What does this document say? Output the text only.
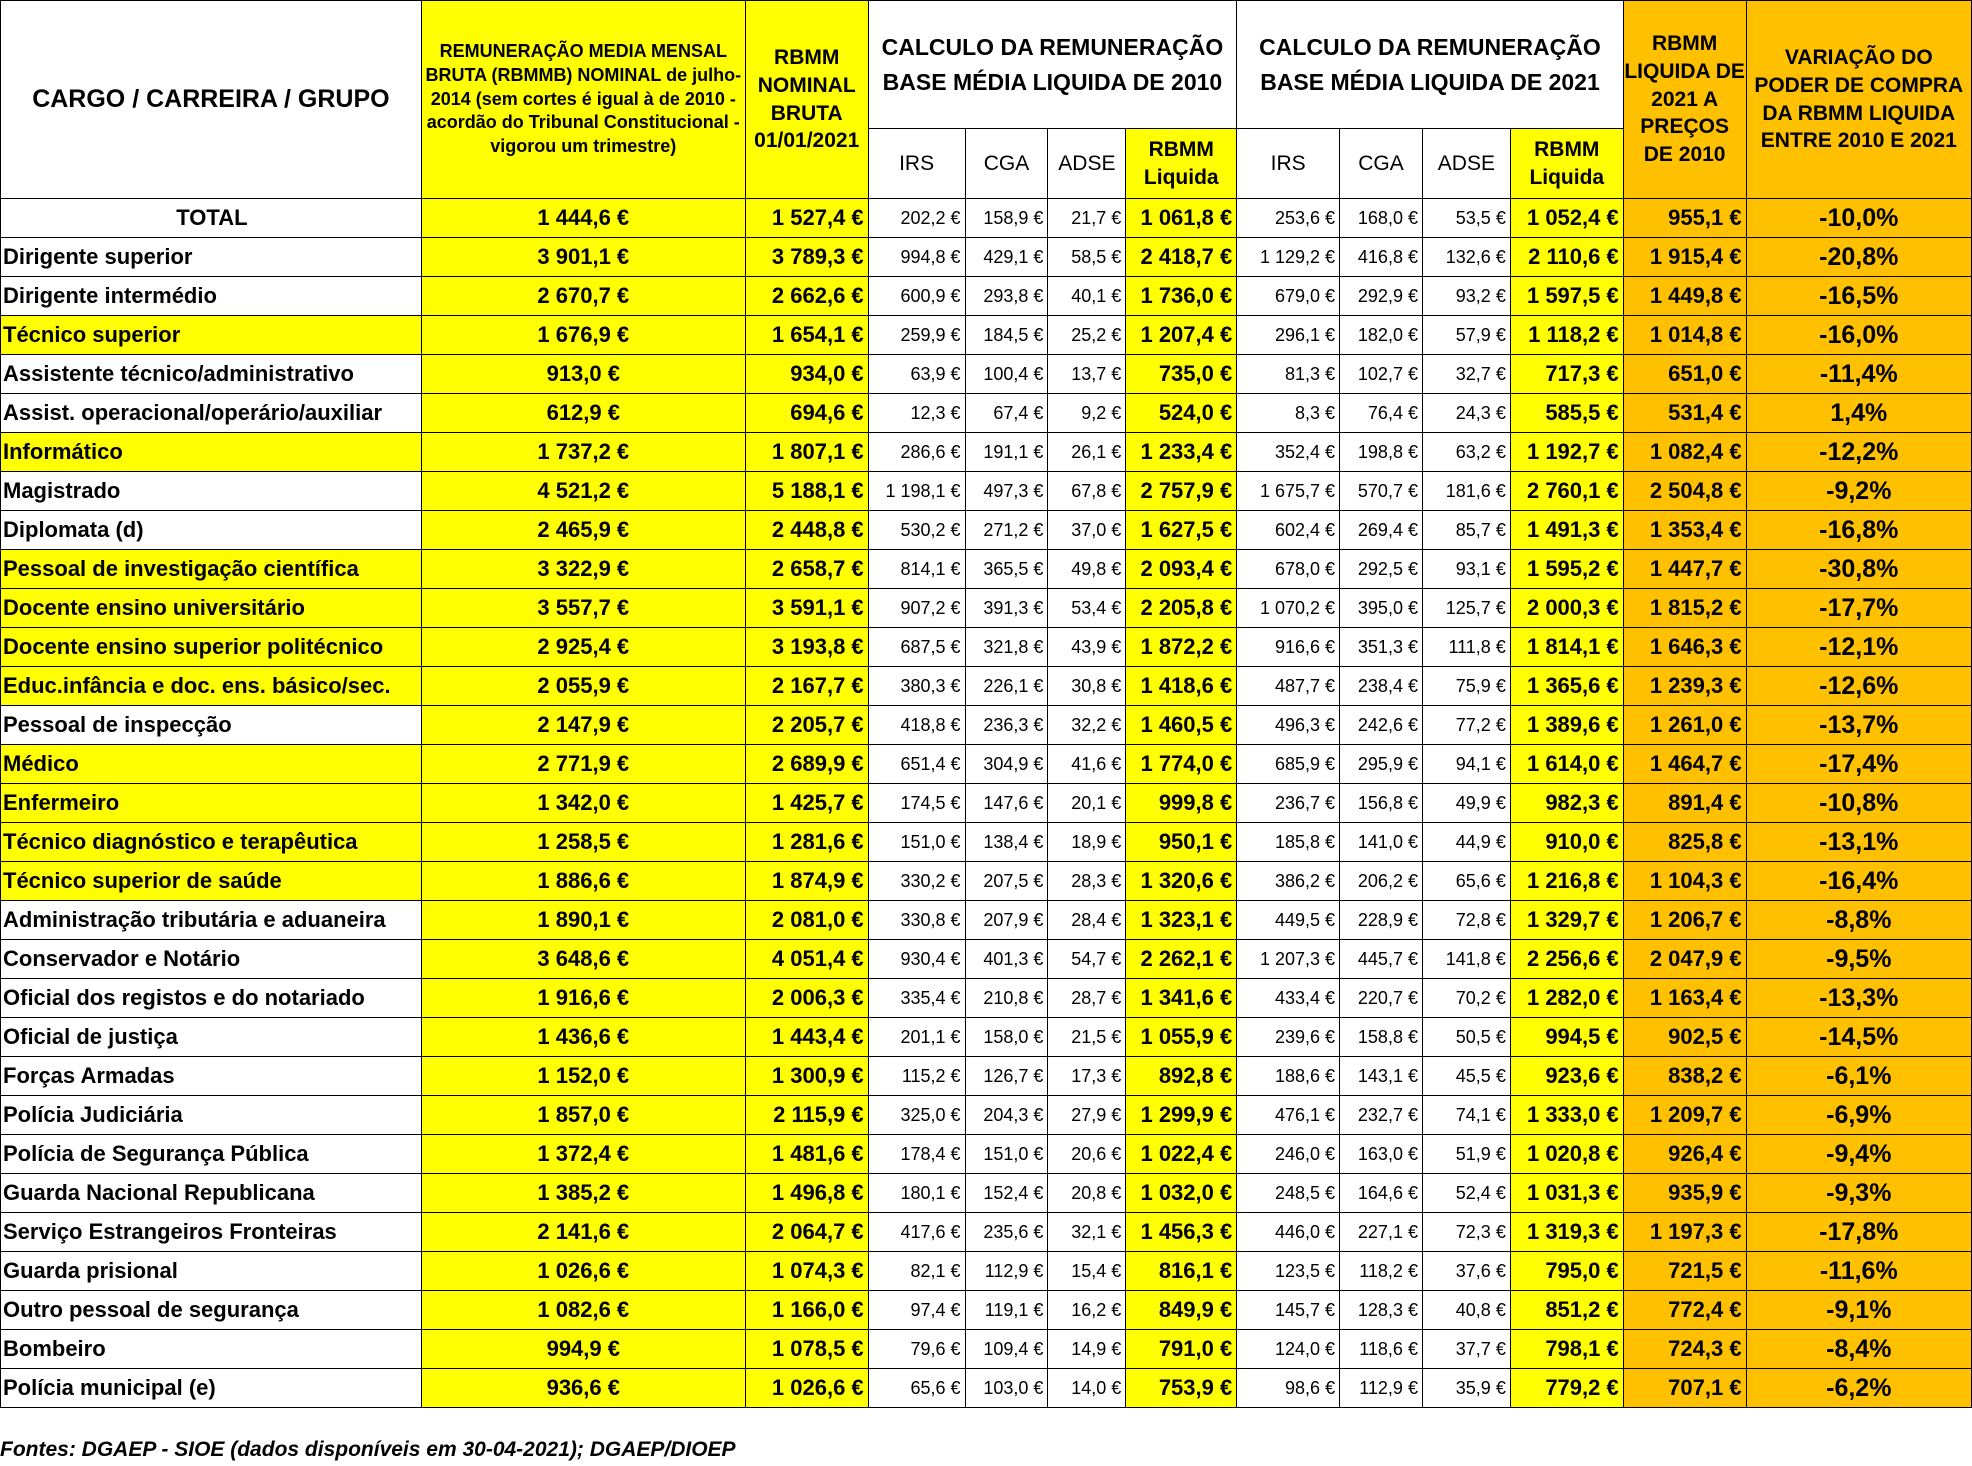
CARGO / CARREIRA / GRUPO	REMUNERAÇÃO MEDIA MENSAL BRUTA (RBMMB) NOMINAL de julho-2014 (sem cortes é igual à de 2010 -acordão do Tribunal Constitucional - vigorou um trimestre)	RBMM NOMINAL BRUTA 01/01/2021	CALCULO DA REMUNERAÇÃO BASE MÉDIA LIQUIDA DE 2010				CALCULO DA REMUNERAÇÃO BASE MÉDIA LIQUIDA DE 2021				RBMM LIQUIDA DE 2021 A PREÇOS DE 2010	VARIAÇÃO DO PODER DE COMPRA DA RBMM LIQUIDA ENTRE 2010 E 2021
			IRS	CGA	ADSE	RBMM Liquida	IRS	CGA	ADSE	RBMM Liquida		
TOTAL	1 444,6 €	1 527,4 €	202,2 €	158,9 €	21,7 €	1 061,8 €	253,6 €	168,0 €	53,5 €	1 052,4 €	955,1 €	-10,0%
Dirigente superior	3 901,1 €	3 789,3 €	994,8 €	429,1 €	58,5 €	2 418,7 €	1 129,2 €	416,8 €	132,6 €	2 110,6 €	1 915,4 €	-20,8%
Dirigente intermédio	2 670,7 €	2 662,6 €	600,9 €	293,8 €	40,1 €	1 736,0 €	679,0 €	292,9 €	93,2 €	1 597,5 €	1 449,8 €	-16,5%
Técnico superior	1 676,9 €	1 654,1 €	259,9 €	184,5 €	25,2 €	1 207,4 €	296,1 €	182,0 €	57,9 €	1 118,2 €	1 014,8 €	-16,0%
Assistente técnico/administrativo	913,0 €	934,0 €	63,9 €	100,4 €	13,7 €	735,0 €	81,3 €	102,7 €	32,7 €	717,3 €	651,0 €	-11,4%
Assist. operacional/operário/auxiliar	612,9 €	694,6 €	12,3 €	67,4 €	9,2 €	524,0 €	8,3 €	76,4 €	24,3 €	585,5 €	531,4 €	1,4%
Informático	1 737,2 €	1 807,1 €	286,6 €	191,1 €	26,1 €	1 233,4 €	352,4 €	198,8 €	63,2 €	1 192,7 €	1 082,4 €	-12,2%
Magistrado	4 521,2 €	5 188,1 €	1 198,1 €	497,3 €	67,8 €	2 757,9 €	1 675,7 €	570,7 €	181,6 €	2 760,1 €	2 504,8 €	-9,2%
Diplomata (d)	2 465,9 €	2 448,8 €	530,2 €	271,2 €	37,0 €	1 627,5 €	602,4 €	269,4 €	85,7 €	1 491,3 €	1 353,4 €	-16,8%
Pessoal de investigação científica	3 322,9 €	2 658,7 €	814,1 €	365,5 €	49,8 €	2 093,4 €	678,0 €	292,5 €	93,1 €	1 595,2 €	1 447,7 €	-30,8%
Docente ensino universitário	3 557,7 €	3 591,1 €	907,2 €	391,3 €	53,4 €	2 205,8 €	1 070,2 €	395,0 €	125,7 €	2 000,3 €	1 815,2 €	-17,7%
Docente ensino superior politécnico	2 925,4 €	3 193,8 €	687,5 €	321,8 €	43,9 €	1 872,2 €	916,6 €	351,3 €	111,8 €	1 814,1 €	1 646,3 €	-12,1%
Educ.infância e doc. ens. básico/sec.	2 055,9 €	2 167,7 €	380,3 €	226,1 €	30,8 €	1 418,6 €	487,7 €	238,4 €	75,9 €	1 365,6 €	1 239,3 €	-12,6%
Pessoal de inspecção	2 147,9 €	2 205,7 €	418,8 €	236,3 €	32,2 €	1 460,5 €	496,3 €	242,6 €	77,2 €	1 389,6 €	1 261,0 €	-13,7%
Médico	2 771,9 €	2 689,9 €	651,4 €	304,9 €	41,6 €	1 774,0 €	685,9 €	295,9 €	94,1 €	1 614,0 €	1 464,7 €	-17,4%
Enfermeiro	1 342,0 €	1 425,7 €	174,5 €	147,6 €	20,1 €	999,8 €	236,7 €	156,8 €	49,9 €	982,3 €	891,4 €	-10,8%
Técnico diagnóstico e terapêutica	1 258,5 €	1 281,6 €	151,0 €	138,4 €	18,9 €	950,1 €	185,8 €	141,0 €	44,9 €	910,0 €	825,8 €	-13,1%
Técnico superior de saúde	1 886,6 €	1 874,9 €	330,2 €	207,5 €	28,3 €	1 320,6 €	386,2 €	206,2 €	65,6 €	1 216,8 €	1 104,3 €	-16,4%
Administração tributária e aduaneira	1 890,1 €	2 081,0 €	330,8 €	207,9 €	28,4 €	1 323,1 €	449,5 €	228,9 €	72,8 €	1 329,7 €	1 206,7 €	-8,8%
Conservador e Notário	3 648,6 €	4 051,4 €	930,4 €	401,3 €	54,7 €	2 262,1 €	1 207,3 €	445,7 €	141,8 €	2 256,6 €	2 047,9 €	-9,5%
Oficial dos registos e do notariado	1 916,6 €	2 006,3 €	335,4 €	210,8 €	28,7 €	1 341,6 €	433,4 €	220,7 €	70,2 €	1 282,0 €	1 163,4 €	-13,3%
Oficial de justiça	1 436,6 €	1 443,4 €	201,1 €	158,0 €	21,5 €	1 055,9 €	239,6 €	158,8 €	50,5 €	994,5 €	902,5 €	-14,5%
Forças Armadas	1 152,0 €	1 300,9 €	115,2 €	126,7 €	17,3 €	892,8 €	188,6 €	143,1 €	45,5 €	923,6 €	838,2 €	-6,1%
Polícia Judiciária	1 857,0 €	2 115,9 €	325,0 €	204,3 €	27,9 €	1 299,9 €	476,1 €	232,7 €	74,1 €	1 333,0 €	1 209,7 €	-6,9%
Polícia de Segurança Pública	1 372,4 €	1 481,6 €	178,4 €	151,0 €	20,6 €	1 022,4 €	246,0 €	163,0 €	51,9 €	1 020,8 €	926,4 €	-9,4%
Guarda Nacional Republicana	1 385,2 €	1 496,8 €	180,1 €	152,4 €	20,8 €	1 032,0 €	248,5 €	164,6 €	52,4 €	1 031,3 €	935,9 €	-9,3%
Serviço Estrangeiros Fronteiras	2 141,6 €	2 064,7 €	417,6 €	235,6 €	32,1 €	1 456,3 €	446,0 €	227,1 €	72,3 €	1 319,3 €	1 197,3 €	-17,8%
Guarda prisional	1 026,6 €	1 074,3 €	82,1 €	112,9 €	15,4 €	816,1 €	123,5 €	118,2 €	37,6 €	795,0 €	721,5 €	-11,6%
Outro pessoal de segurança	1 082,6 €	1 166,0 €	97,4 €	119,1 €	16,2 €	849,9 €	145,7 €	128,3 €	40,8 €	851,2 €	772,4 €	-9,1%
Bombeiro	994,9 €	1 078,5 €	79,6 €	109,4 €	14,9 €	791,0 €	124,0 €	118,6 €	37,7 €	798,1 €	724,3 €	-8,4%
Polícia municipal (e)	936,6 €	1 026,6 €	65,6 €	103,0 €	14,0 €	753,9 €	98,6 €	112,9 €	35,9 €	779,2 €	707,1 €	-6,2%
Fontes: DGAEP - SIOE (dados disponíveis em 30-04-2021); DGAEP/DIOEP
